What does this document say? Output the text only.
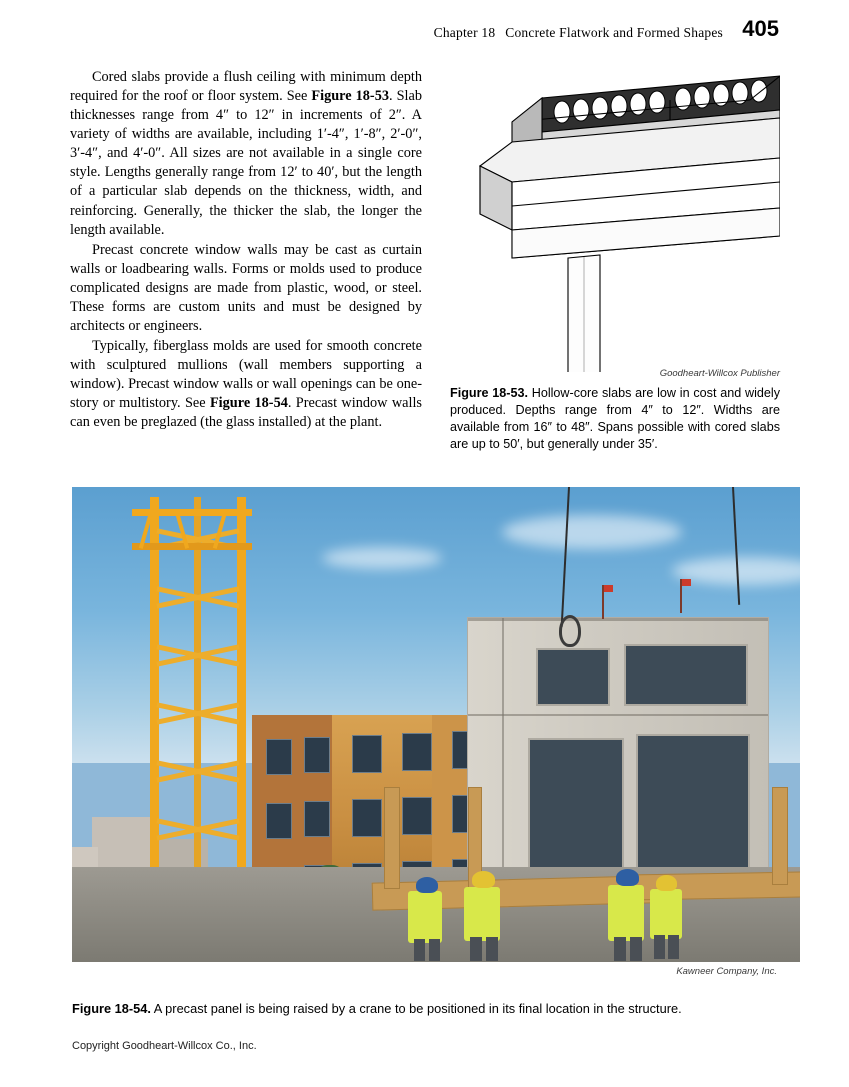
Chapter 18 Concrete Flatwork and Formed Shapes 405

Cored slabs provide a flush ceiling with minimum depth required for the roof or floor system. See Figure 18-53. Slab thicknesses range from 4″ to 12″ in increments of 2″. A variety of widths are available, including 1′-4″, 1′-8″, 2′-0″, 3′-4″, and 4′-0″. All sizes are not available in a single core style. Lengths generally range from 12′ to 40′, but the length of a particular slab depends on the thickness, width, and reinforcing. Generally, the thicker the slab, the longer the length available.

Precast concrete window walls may be cast as curtain walls or loadbearing walls. Forms or molds used to produce complicated designs are made from plastic, wood, or steel. These forms are custom units and must be designed by architects or engineers.

Typically, fiberglass molds are used for smooth concrete with sculptured mullions (wall members supporting a window). Precast window walls or wall openings can be one-story or multistory. See Figure 18-54. Precast window walls can even be preglazed (the glass installed) at the plant.

Goodheart-Willcox Publisher
Figure 18-53. Hollow-core slabs are low in cost and widely produced. Depths range from 4″ to 12″. Widths are available from 16″ to 48″. Spans possible with cored slabs are up to 50′, but generally under 35′.
Kawneer Company, Inc.
Figure 18-54. A precast panel is being raised by a crane to be positioned in its final location in the structure.
Copyright Goodheart-Willcox Co., Inc.
